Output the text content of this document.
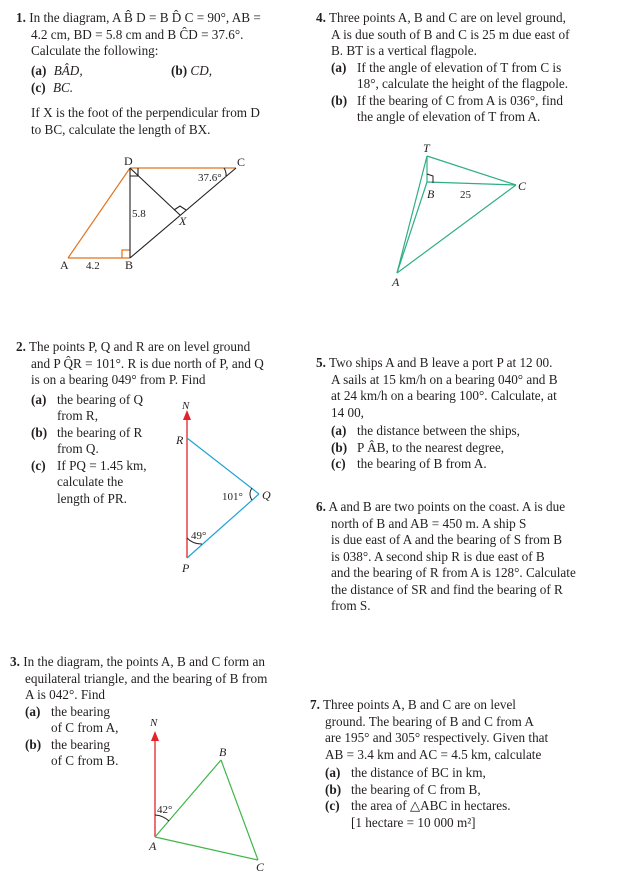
1. In the diagram, A B̂ D = B D̂ C = 90°, AB =
4.2 cm, BD = 5.8 cm and B ĈD = 37.6°.
Calculate the following:
(a) BÂD,	(b) CD,
(c) BC.
If X is the foot of the perpendicular from D
to BC, calculate the length of BX.
D	C
A	B
X
4.2
5.8
37.6°
4. Three points A, B and C are on level ground,
A is due south of B and C is 25 m due east of
B. BT is a vertical flagpole.
(a) If the angle of elevation of T from C is
18°, calculate the height of the flagpole.
(b) If the bearing of C from A is 036°, find
the angle of elevation of T from A.
T
B
C
A
25
2. The points P, Q and R are on level ground
and P Q̂R = 101°. R is due north of P, and Q
is on a bearing 049° from P. Find
(a) the bearing of Q
from R,
(b) the bearing of R
from Q.
(c) If PQ = 1.45 km,
calculate the
length of PR.
N
R
Q
P
101°
49°
5. Two ships A and B leave a port P at 12 00.
A sails at 15 km/h on a bearing 040° and B
at 24 km/h on a bearing 100°. Calculate, at
14 00,
(a) the distance between the ships,
(b) P ÂB, to the nearest degree,
(c) the bearing of B from A.
6. A and B are two points on the coast. A is due
north of B and AB = 450 m. A ship S
is due east of A and the bearing of S from B
is 038°. A second ship R is due east of B
and the bearing of R from A is 128°. Calculate
the distance of SR and find the bearing of R
from S.
3. In the diagram, the points A, B and C form an
equilateral triangle, and the bearing of B from
A is 042°. Find
(a) the bearing
of C from A,
(b) the bearing
of C from B.
N
B
A
C
42°
7. Three points A, B and C are on level
ground. The bearing of B and C from A
are 195° and 305° respectively. Given that
AB = 3.4 km and AC = 4.5 km, calculate
(a) the distance of BC in km,
(b) the bearing of C from B,
(c) the area of △ABC in hectares.
[1 hectare = 10 000 m²]
